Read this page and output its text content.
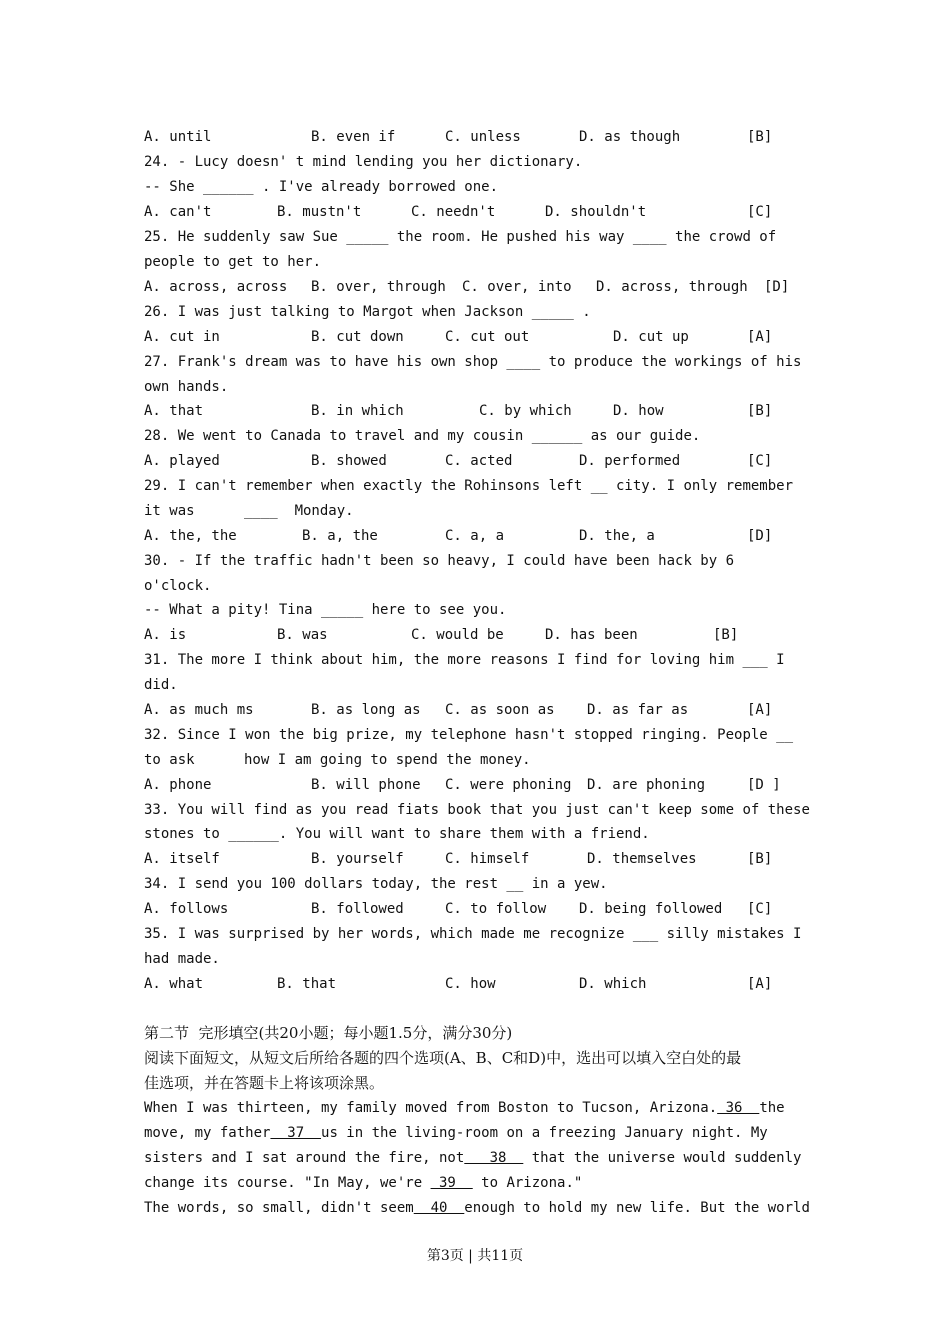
A. until

	B. even if

	C. unless

	D. as though

	[B]

24. - Lucy doesn' t mind lending you her dictionary.
-- She ______ . I've already borrowed one.

A. can't

	B. mustn't

	C. needn't

	D. shouldn't

	[C]

25. He suddenly saw Sue _____ the room. He pushed his way ____ the crowd of
people to get to her.

A. across, across

B. over, through

C. over, into

D. across, through

[D]

26. I was just talking to Margot when Jackson _____ .

A. cut in

	B. cut down

	C. cut out

	D. cut up

	[A]

27. Frank's dream was to have his own shop ____ to produce the workings of his
own hands.

A. that

	B. in which

	C. by which

	D. how

	[B]

28. We went to Canada to travel and my cousin ______ as our guide.

A. played

	B. showed

	C. acted

	D. performed

	[C]

29. I can't remember when exactly the Rohinsons left __ city. I only remember

it was

	____  Monday.

A. the, the

	B. a, the

	C. a, a

	D. the, a

	[D]

30. - If the traffic hadn't been so heavy, I could have been hack by 6
o'clock.
-- What a pity! Tina _____ here to see you.

A. is

	B. was

	C. would be

	D. has been

	[B]

31. The more I think about him, the more reasons I find for loving him ___ I
did.

A. as much ms

	B. as long as

C. as soon as

D. as far as

	[A]

32. Since I won the big prize, my telephone hasn't stopped ringing. People __

to ask

	how I am going to spend the money.

A. phone

	B. will phone

C. were phoning

D. are phoning

	[D ]

33. You will find as you read fiats book that you just can't keep some of these
stones to ______. You will want to share them with a friend.

A. itself

	B. yourself

	C. himself

	D. themselves

	[B]

34. I send you 100 dollars today, the rest __ in a yew.

A. follows

	B. followed

	C. to follow

D. being followed

[C]

35. I was surprised by her words, which made me recognize ___ silly mistakes I
had made.

A. what

	B. that

	C. how

	D. which

	[A]

第二节  完形填空(共20小题；每小题1.5分，满分30分)
阅读下面短文，从短文后所给各题的四个选项(A、B、C和D)中，选出可以填入空白处的最
佳选项，并在答题卡上将该项涂黑。
When I was thirteen, my family moved from Boston to Tucson, Arizona. 36  the
move, my father  37  us in the living-room on a freezing January night. My
sisters and I sat around the fire, not   38   that the universe would suddenly
change its course. "In May, we're  39   to Arizona."
The words, so small, didn't seem  40  enough to hold my new life. But the world
第3页 | 共11页
